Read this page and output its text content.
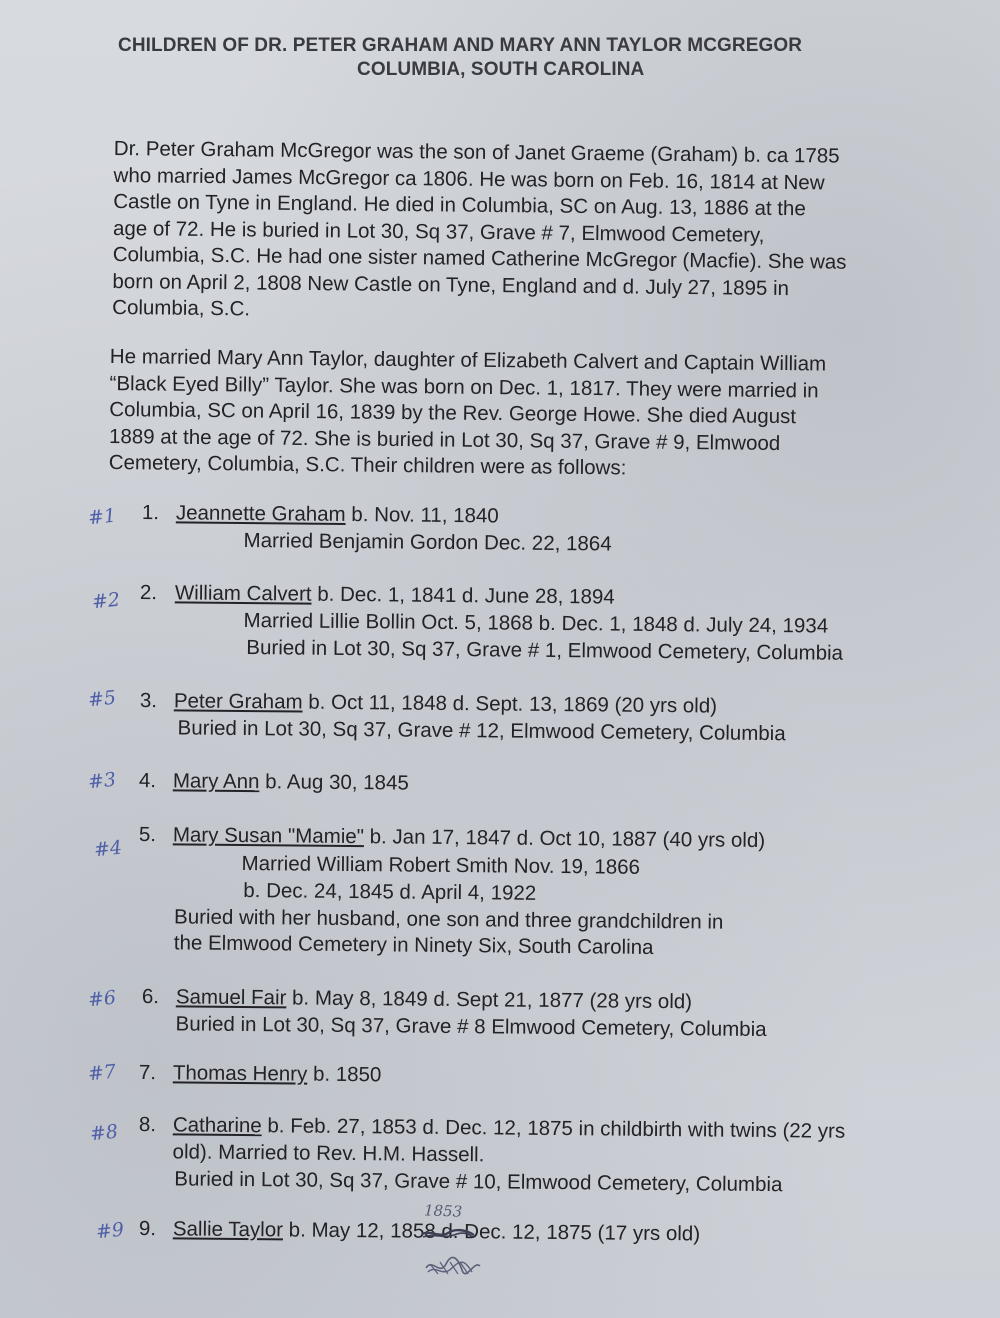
CHILDREN OF DR. PETER GRAHAM AND MARY ANN TAYLOR MCGREGOR
COLUMBIA, SOUTH CAROLINA
Dr. Peter Graham McGregor was the son of Janet Graeme (Graham) b. ca 1785
who married James McGregor ca 1806. He was born on Feb. 16, 1814 at New
Castle on Tyne in England. He died in Columbia, SC on Aug. 13, 1886 at the
age of 72. He is buried in Lot 30, Sq 37, Grave # 7, Elmwood Cemetery,
Columbia, S.C. He had one sister named Catherine McGregor (Macfie). She was
born on April 2, 1808 New Castle on Tyne, England and d. July 27, 1895 in
Columbia, S.C.
He married Mary Ann Taylor, daughter of Elizabeth Calvert and Captain William
“Black Eyed Billy” Taylor. She was born on Dec. 1, 1817. They were married in
Columbia, SC on April 16, 1839 by the Rev. George Howe. She died August
1889 at the age of 72. She is buried in Lot 30, Sq 37, Grave # 9, Elmwood
Cemetery, Columbia, S.C. Their children were as follows:
#1 1. Jeannette Graham b. Nov. 11, 1840
Married Benjamin Gordon Dec. 22, 1864
#2 2. William Calvert b. Dec. 1, 1841 d. June 28, 1894
Married Lillie Bollin Oct. 5, 1868 b. Dec. 1, 1848 d. July 24, 1934
Buried in Lot 30, Sq 37, Grave # 1, Elmwood Cemetery, Columbia
#5 3. Peter Graham b. Oct 11, 1848 d. Sept. 13, 1869 (20 yrs old)
Buried in Lot 30, Sq 37, Grave # 12, Elmwood Cemetery, Columbia
#3 4. Mary Ann b. Aug 30, 1845
#4
5. Mary Susan "Mamie" b. Jan 17, 1847 d. Oct 10, 1887 (40 yrs old)
Married William Robert Smith Nov. 19, 1866
b. Dec. 24, 1845 d. April 4, 1922
Buried with her husband, one son and three grandchildren in
the Elmwood Cemetery in Ninety Six, South Carolina
#6 6. Samuel Fair b. May 8, 1849 d. Sept 21, 1877 (28 yrs old)
Buried in Lot 30, Sq 37, Grave # 8 Elmwood Cemetery, Columbia
#7 7. Thomas Henry b. 1850
#8 8. Catharine b. Feb. 27, 1853 d. Dec. 12, 1875 in childbirth with twins (22 yrs
old). Married to Rev. H.M. Hassell.
Buried in Lot 30, Sq 37, Grave # 10, Elmwood Cemetery, Columbia
#9 9. Sallie Taylor b. May 12, 1858 d. Dec. 12, 1875 (17 yrs old)
1853
